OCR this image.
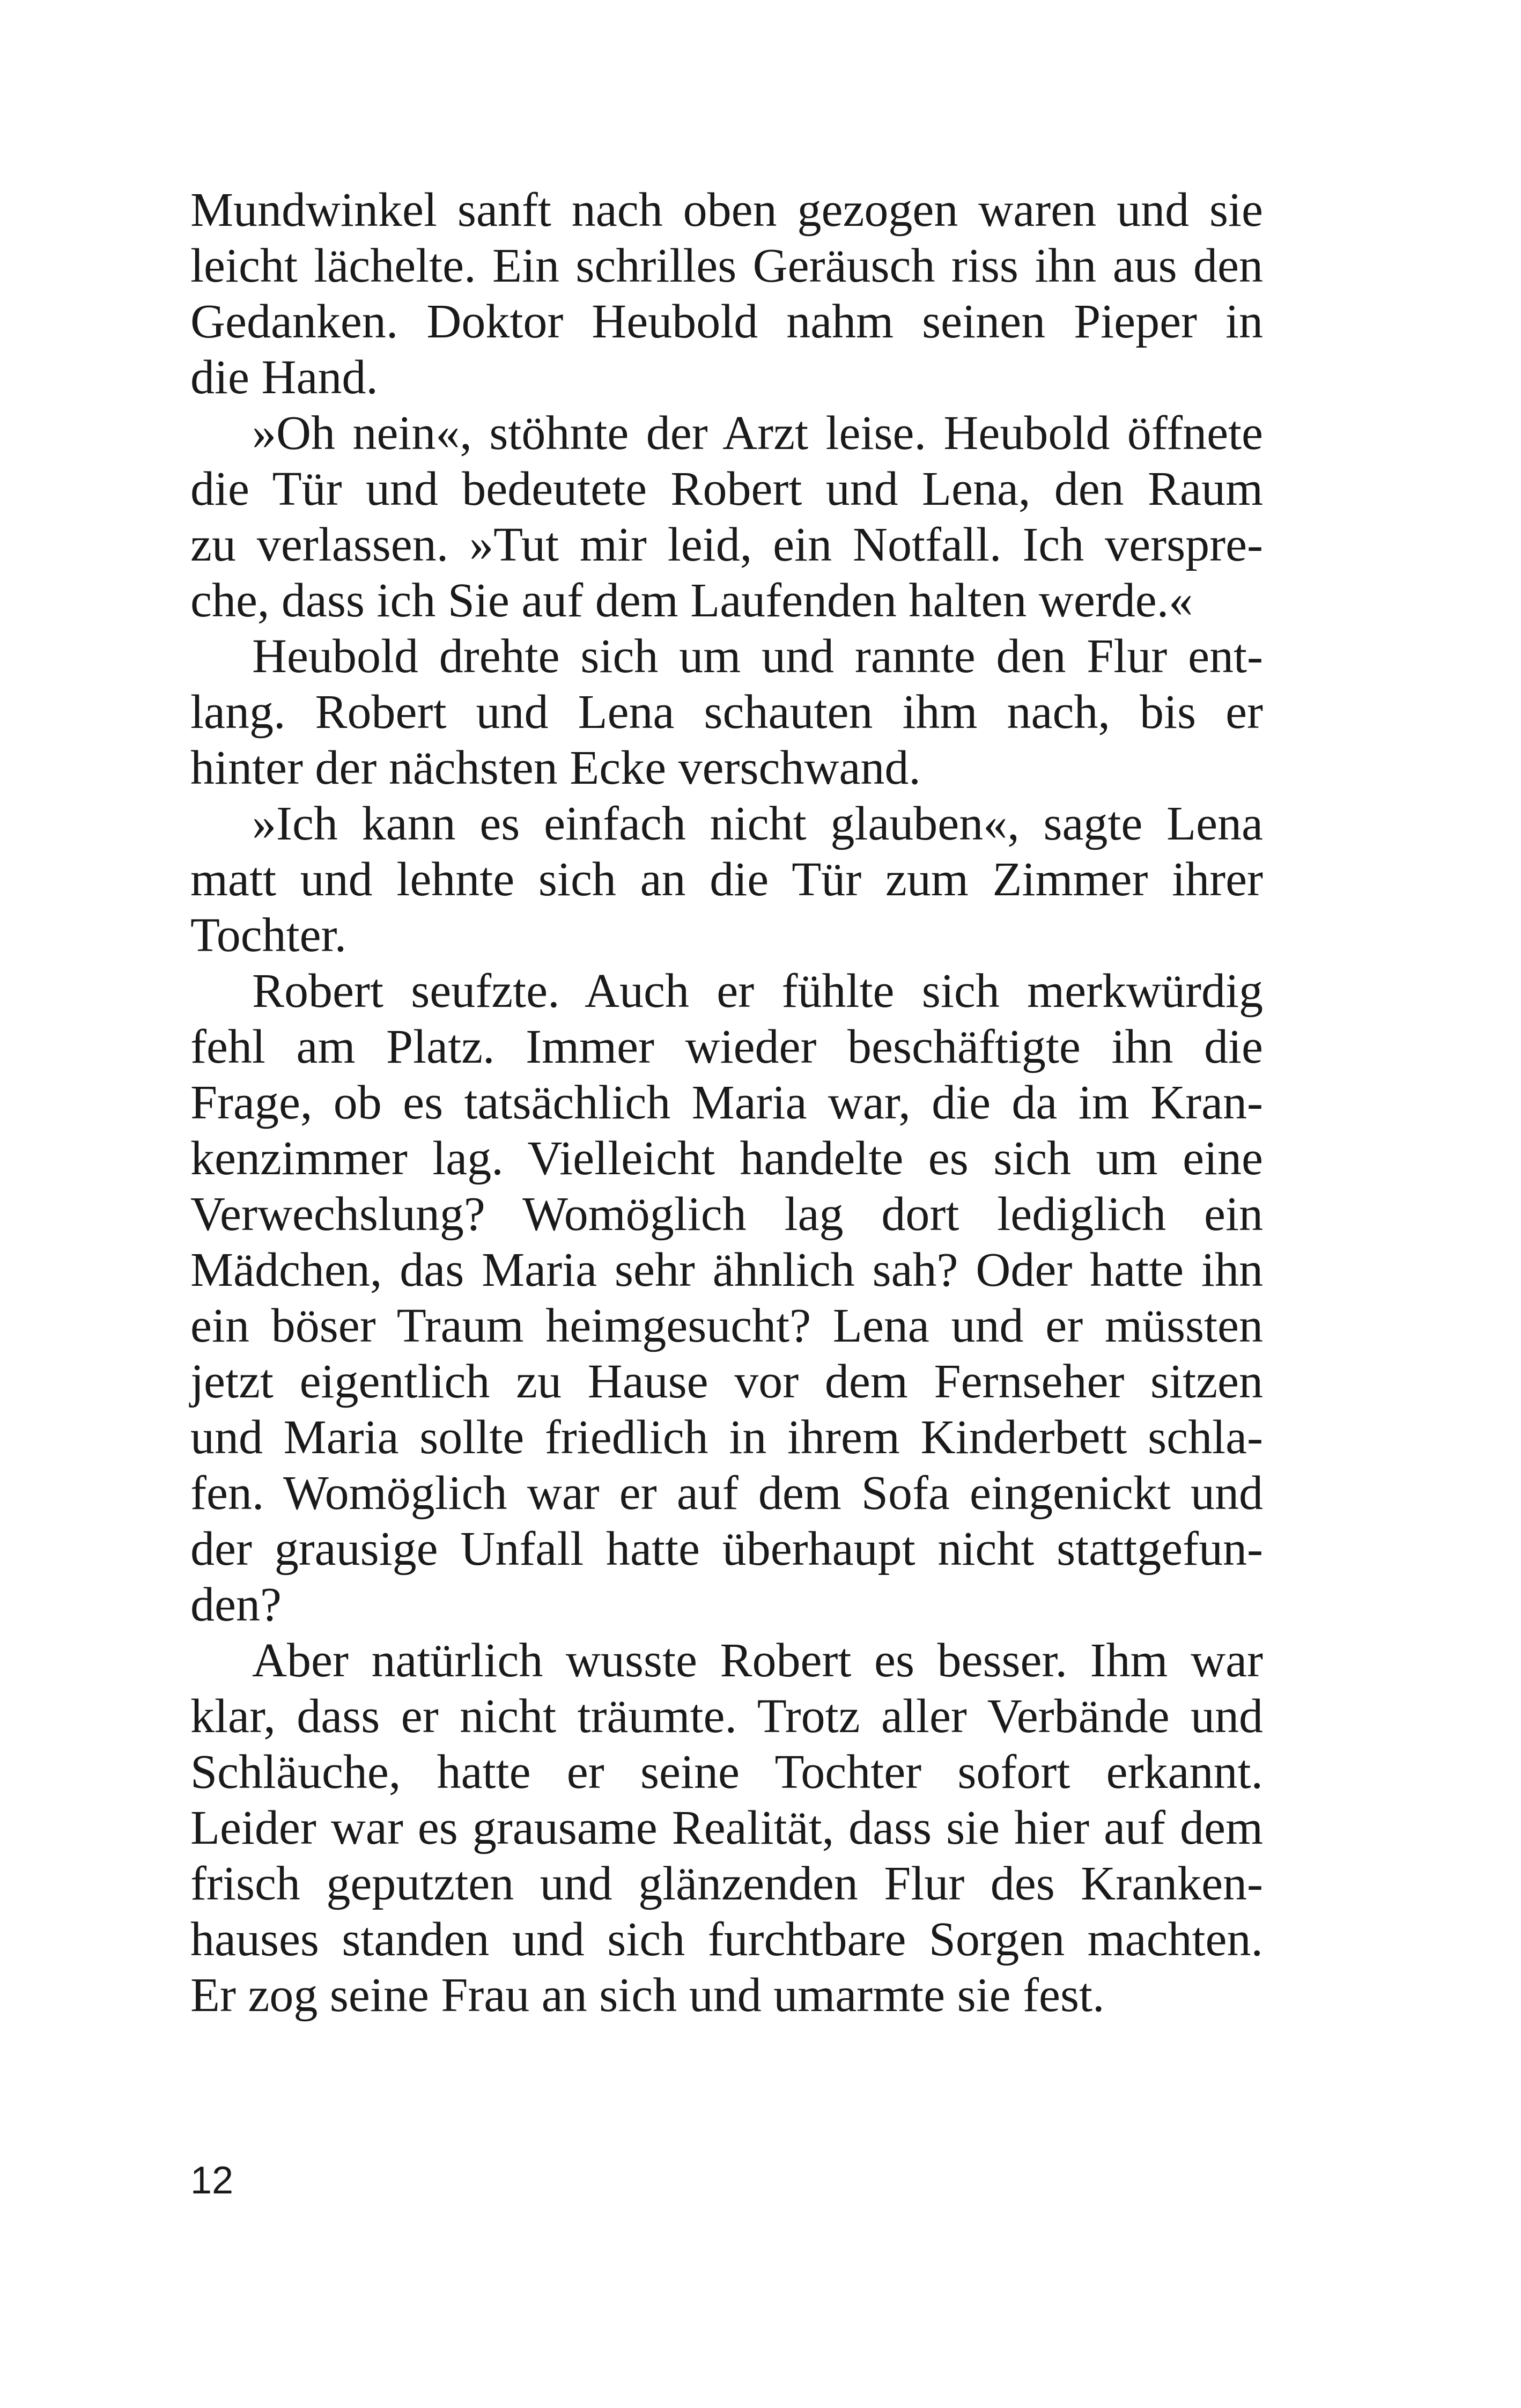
Mundwinkel sanft nach oben gezogen waren und sie
leicht lächelte. Ein schrilles Geräusch riss ihn aus den
Gedanken. Doktor Heubold nahm seinen Pieper in
die Hand.
»Oh nein«, stöhnte der Arzt leise. Heubold öffnete
die Tür und bedeutete Robert und Lena, den Raum
zu verlassen. »Tut mir leid, ein Notfall. Ich verspre-
che, dass ich Sie auf dem Laufenden halten werde.«
Heubold drehte sich um und rannte den Flur ent-
lang. Robert und Lena schauten ihm nach, bis er
hinter der nächsten Ecke verschwand.
»Ich kann es einfach nicht glauben«, sagte Lena
matt und lehnte sich an die Tür zum Zimmer ihrer
Tochter.
Robert seufzte. Auch er fühlte sich merkwürdig
fehl am Platz. Immer wieder beschäftigte ihn die
Frage, ob es tatsächlich Maria war, die da im Kran-
kenzimmer lag. Vielleicht handelte es sich um eine
Verwechslung? Womöglich lag dort lediglich ein
Mädchen, das Maria sehr ähnlich sah? Oder hatte ihn
ein böser Traum heimgesucht? Lena und er müssten
jetzt eigentlich zu Hause vor dem Fernseher sitzen
und Maria sollte friedlich in ihrem Kinderbett schla-
fen. Womöglich war er auf dem Sofa eingenickt und
der grausige Unfall hatte überhaupt nicht stattgefun-
den?
Aber natürlich wusste Robert es besser. Ihm war
klar, dass er nicht träumte. Trotz aller Verbände und
Schläuche, hatte er seine Tochter sofort erkannt.
Leider war es grausame Realität, dass sie hier auf dem
frisch geputzten und glänzenden Flur des Kranken-
hauses standen und sich furchtbare Sorgen machten.
Er zog seine Frau an sich und umarmte sie fest.
12
